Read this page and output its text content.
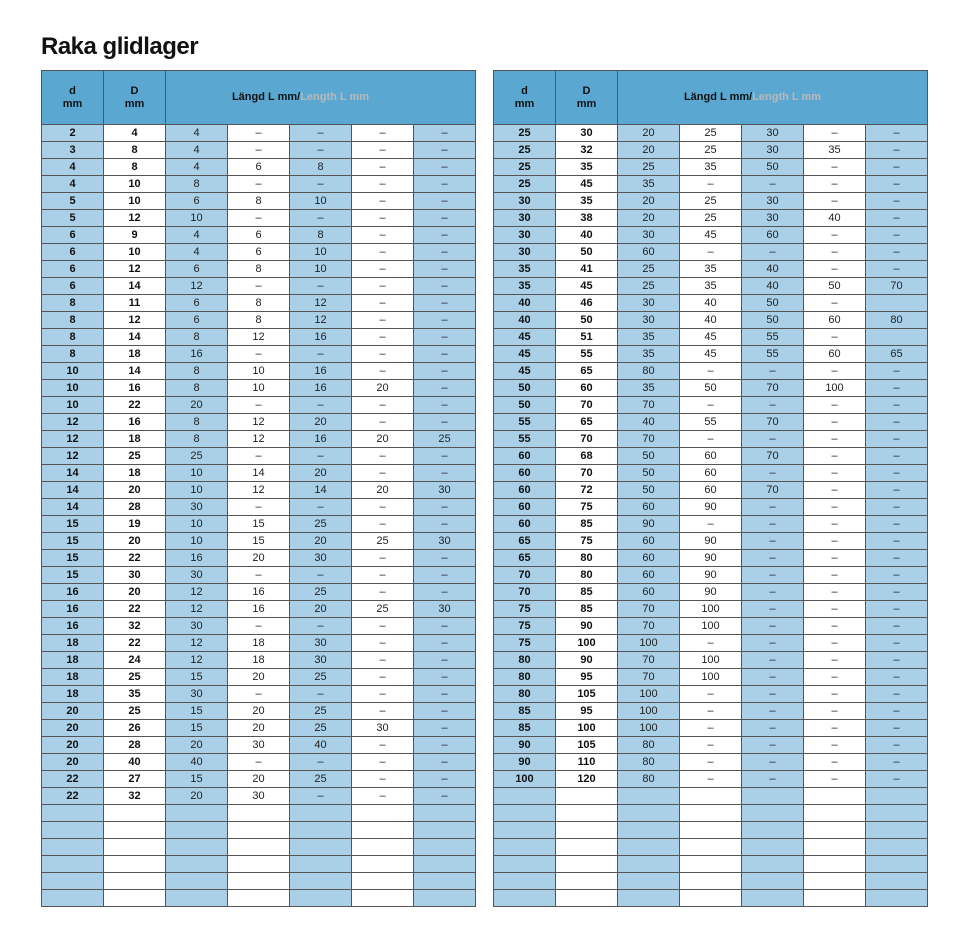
Raka glidlager
d
mm	D
mm	Längd L mm/Length L mm				
2	4	4	–	–	–	–
3	8	4	–	–	–	–
4	8	4	6	8	–	–
4	10	8	–	–	–	–
5	10	6	8	10	–	–
5	12	10	–	–	–	–
6	9	4	6	8	–	–
6	10	4	6	10	–	–
6	12	6	8	10	–	–
6	14	12	–	–	–	–
8	11	6	8	12	–	–
8	12	6	8	12	–	–
8	14	8	12	16	–	–
8	18	16	–	–	–	–
10	14	8	10	16	–	–
10	16	8	10	16	20	–
10	22	20	–	–	–	–
12	16	8	12	20	–	–
12	18	8	12	16	20	25
12	25	25	–	–	–	–
14	18	10	14	20	–	–
14	20	10	12	14	20	30
14	28	30	–	–	–	–
15	19	10	15	25	–	–
15	20	10	15	20	25	30
15	22	16	20	30	–	–
15	30	30	–	–	–	–
16	20	12	16	25	–	–
16	22	12	16	20	25	30
16	32	30	–	–	–	–
18	22	12	18	30	–	–
18	24	12	18	30	–	–
18	25	15	20	25	–	–
18	35	30	–	–	–	–
20	25	15	20	25	–	–
20	26	15	20	25	30	–
20	28	20	30	40	–	–
20	40	40	–	–	–	–
22	27	15	20	25	–	–
22	32	20	30	–	–	–

d
mm	D
mm	Längd L mm/Length L mm				
25	30	20	25	30	–	–
25	32	20	25	30	35	–
25	35	25	35	50	–	–
25	45	35	–	–	–	–
30	35	20	25	30	–	–
30	38	20	25	30	40	–
30	40	30	45	60	–	–
30	50	60	–	–	–	–
35	41	25	35	40	–	–
35	45	25	35	40	50	70
40	46	30	40	50	–	
40	50	30	40	50	60	80
45	51	35	45	55	–	
45	55	35	45	55	60	65
45	65	80	–	–	–	–
50	60	35	50	70	100	–
50	70	70	–	–	–	–
55	65	40	55	70	–	–
55	70	70	–	–	–	–
60	68	50	60	70	–	–
60	70	50	60	–	–	–
60	72	50	60	70	–	–
60	75	60	90	–	–	–
60	85	90	–	–	–	–
65	75	60	90	–	–	–
65	80	60	90	–	–	–
70	80	60	90	–	–	–
70	85	60	90	–	–	–
75	85	70	100	–	–	–
75	90	70	100	–	–	–
75	100	100	–	–	–	–
80	90	70	100	–	–	–
80	95	70	100	–	–	–
80	105	100	–	–	–	–
85	95	100	–	–	–	–
85	100	100	–	–	–	–
90	105	80	–	–	–	–
90	110	80	–	–	–	–
100	120	80	–	–	–	–
